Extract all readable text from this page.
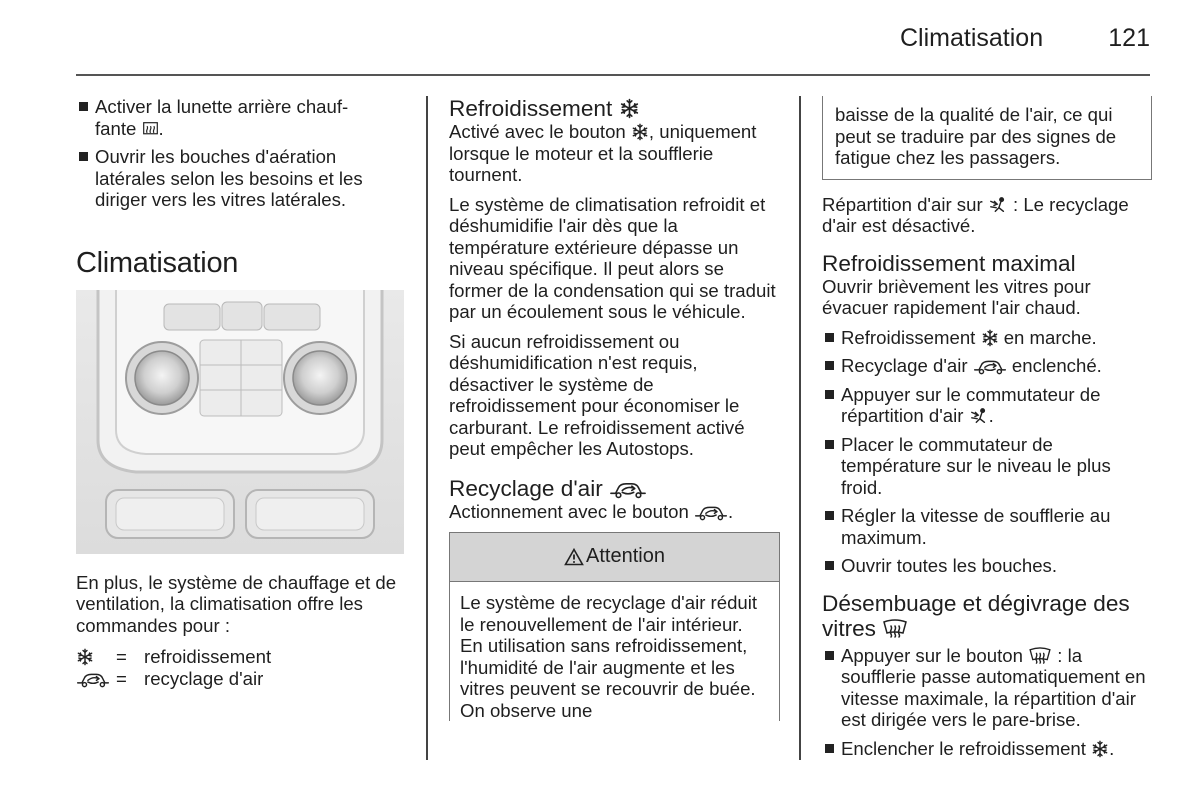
Climatisation	121
Activer la lunette arrière chauf-
fante .
Ouvrir les bouches d'aération latérales selon les besoins et les diriger vers les vitres latérales.
Climatisation

En plus, le système de chauffage et de ventilation, la climatisation offre les commandes pour :

= refroidissement
= recyclage d'air
Refroidissement

Activé avec le bouton , uniquement lorsque le moteur et la soufflerie tournent.

Le système de climatisation refroidit et déshumidifie l'air dès que la température extérieure dépasse un niveau spécifique. Il peut alors se former de la condensation qui se traduit par un écoulement sous le véhicule.

Si aucun refroidissement ou déshumidification n'est requis, désactiver le système de refroidissement pour économiser le carburant. Le refroidissement activé peut empêcher les Autostops.

Recyclage d'air

Actionnement avec le bouton .

Attention
Le système de recyclage d'air réduit le renouvellement de l'air intérieur. En utilisation sans refroidissement, l'humidité de l'air augmente et les vitres peuvent se recouvrir de buée. On observe une
baisse de la qualité de l'air, ce qui peut se traduire par des signes de fatigue chez les passagers.

Répartition d'air sur : Le recyclage d'air est désactivé.

Refroidissement maximal

Ouvrir brièvement les vitres pour évacuer rapidement l'air chaud.

Refroidissement en marche.
Recyclage d'air enclenché.
Appuyer sur le commutateur de répartition d'air .
Placer le commutateur de température sur le niveau le plus froid.
Régler la vitesse de soufflerie au maximum.
Ouvrir toutes les bouches.
Désembuage et dégivrage des vitres
Appuyer sur le bouton : la soufflerie passe automatiquement en vitesse maximale, la répartition d'air est dirigée vers le pare-brise.
Enclencher le refroidissement .
